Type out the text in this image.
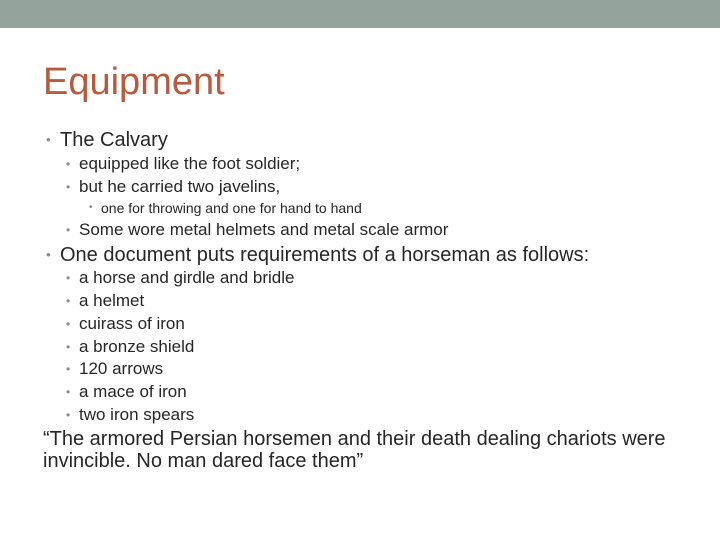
Equipment
• The Calvary
• equipped like the foot soldier;
• but he carried two javelins,
• one for throwing and one for hand to hand
• Some wore metal helmets and metal scale armor
• One document puts requirements of a horseman as follows:
• a horse and girdle and bridle
• a helmet
• cuirass of iron
• a bronze shield
• 120 arrows
• a mace of iron
• two iron spears

“The armored Persian horsemen and their death dealing chariots were invincible. No man dared face them”
